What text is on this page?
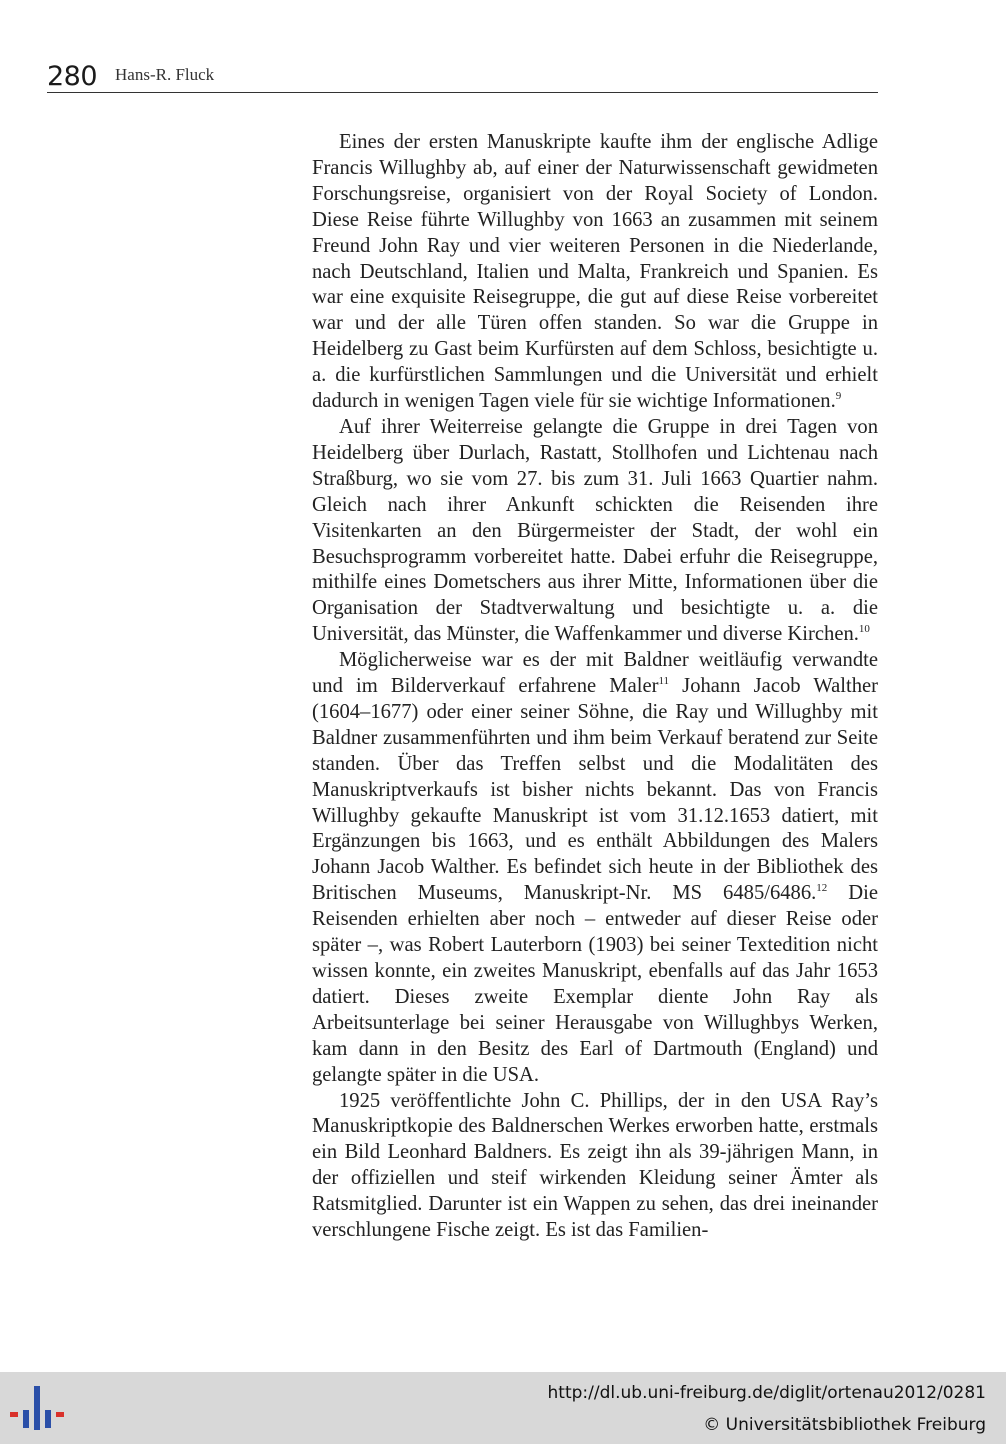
280 Hans-R. Fluck

Eines der ersten Manuskripte kaufte ihm der englische Adlige Francis Willughby ab, auf einer der Naturwissenschaft gewidmeten Forschungsreise, organisiert von der Royal Society of London. Diese Reise führte Willughby von 1663 an zusammen mit seinem Freund John Ray und vier weiteren Personen in die Niederlande, nach Deutschland, Italien und Malta, Frankreich und Spanien. Es war eine exquisite Reisegruppe, die gut auf diese Reise vorbereitet war und der alle Türen offen standen. So war die Gruppe in Heidelberg zu Gast beim Kurfürsten auf dem Schloss, besichtigte u. a. die kurfürstlichen Sammlungen und die Universität und erhielt dadurch in wenigen Tagen viele für sie wichtige Informationen.$^9$

Auf ihrer Weiterreise gelangte die Gruppe in drei Tagen von Heidelberg über Durlach, Rastatt, Stollhofen und Lichtenau nach Straßburg, wo sie vom 27. bis zum 31. Juli 1663 Quartier nahm. Gleich nach ihrer Ankunft schickten die Reisenden ihre Visitenkarten an den Bürgermeister der Stadt, der wohl ein Besuchsprogramm vorbereitet hatte. Dabei erfuhr die Reisegruppe, mithilfe eines Dometschers aus ihrer Mitte, Informationen über die Organisation der Stadtverwaltung und besichtigte u. a. die Universität, das Münster, die Waffenkammer und diverse Kirchen.$^{10}$

Möglicherweise war es der mit Baldner weitläufig verwandte und im Bilderverkauf erfahrene Maler$^{11}$ Johann Jacob Walther (1604–1677) oder einer seiner Söhne, die Ray und Willughby mit Baldner zusammenführten und ihm beim Verkauf beratend zur Seite standen. Über das Treffen selbst und die Modalitäten des Manuskriptverkaufs ist bisher nichts bekannt. Das von Francis Willughby gekaufte Manuskript ist vom 31.12.1653 datiert, mit Ergänzungen bis 1663, und es enthält Abbildungen des Malers Johann Jacob Walther. Es befindet sich heute in der Bibliothek des Britischen Museums, Manuskript-Nr. MS 6485/6486.12 Die Reisenden erhielten aber noch – entweder auf dieser Reise oder später –, was Robert Lauterborn (1903) bei seiner Textedition nicht wissen konnte, ein zweites Manuskript, ebenfalls auf das Jahr 1653 datiert. Dieses zweite Exemplar diente John Ray als Arbeitsunterlage bei seiner Herausgabe von Willughbys Werken, kam dann in den Besitz des Earl of Dartmouth (England) und gelangte später in die USA.

1925 veröffentlichte John C. Phillips, der in den USA Ray’s Manuskriptkopie des Baldnerschen Werkes erworben hatte, erstmals ein Bild Leonhard Baldners. Es zeigt ihn als 39-jährigen Mann, in der offiziellen und steif wirkenden Kleidung seiner Ämter als Ratsmitglied. Darunter ist ein Wappen zu sehen, das drei ineinander verschlungene Fische zeigt. Es ist das Familien-

http://dl.ub.uni-freiburg.de/diglit/ortenau2012/0281
© Universitätsbibliothek Freiburg
